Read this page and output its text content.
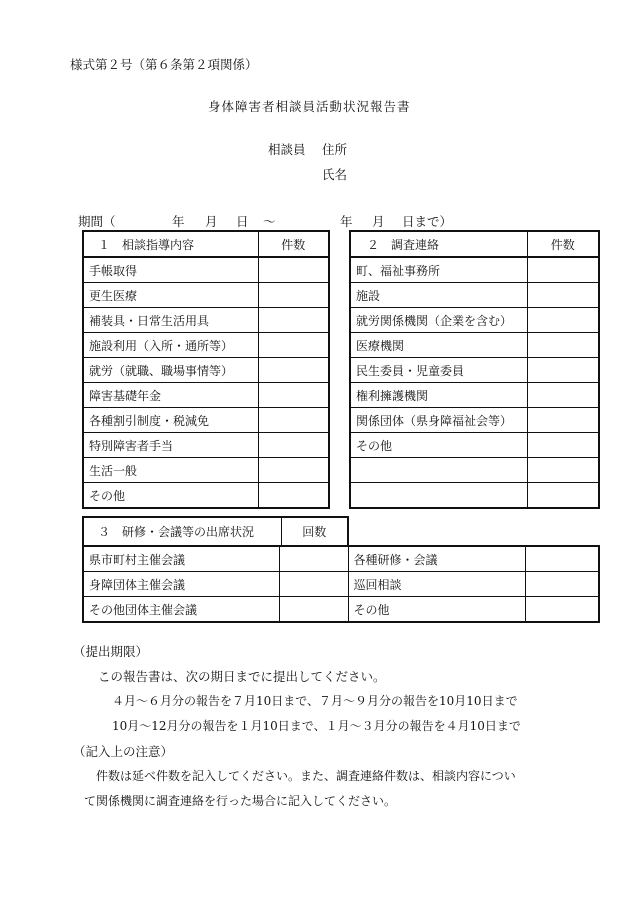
様式第２号（第６条第２項関係）
身体障害者相談員活動状況報告書
相談員 住所
氏名
期間（	年 月 日 〜	年 月 日まで）
１　相談指導内容	件数
手帳取得	
更生医療	
補装具・日常生活用具	
施設利用（入所・通所等）	
就労（就職、職場事情等）	
障害基礎年金	
各種割引制度・税減免	
特別障害者手当	
生活一般	
その他	
２　調査連絡	件数
町、福祉事務所	
施設	
就労関係機関（企業を含む）	
医療機関	
民生委員・児童委員	
権利擁護機関	
関係団体（県身障福祉会等）	
その他	

３　研修・会議等の出席状況	回数
県市町村主催会議		各種研修・会議	
身障団体主催会議		巡回相談	
その他団体主催会議		その他	
（提出期限）
この報告書は、次の期日までに提出してください。
４月〜６月分の報告を７月10日まで、７月〜９月分の報告を10月10日まで
10月〜12月分の報告を１月10日まで、１月〜３月分の報告を４月10日まで
（記入上の注意）
件数は延べ件数を記入してください。また、調査連絡件数は、相談内容につい
て関係機関に調査連絡を行った場合に記入してください。
